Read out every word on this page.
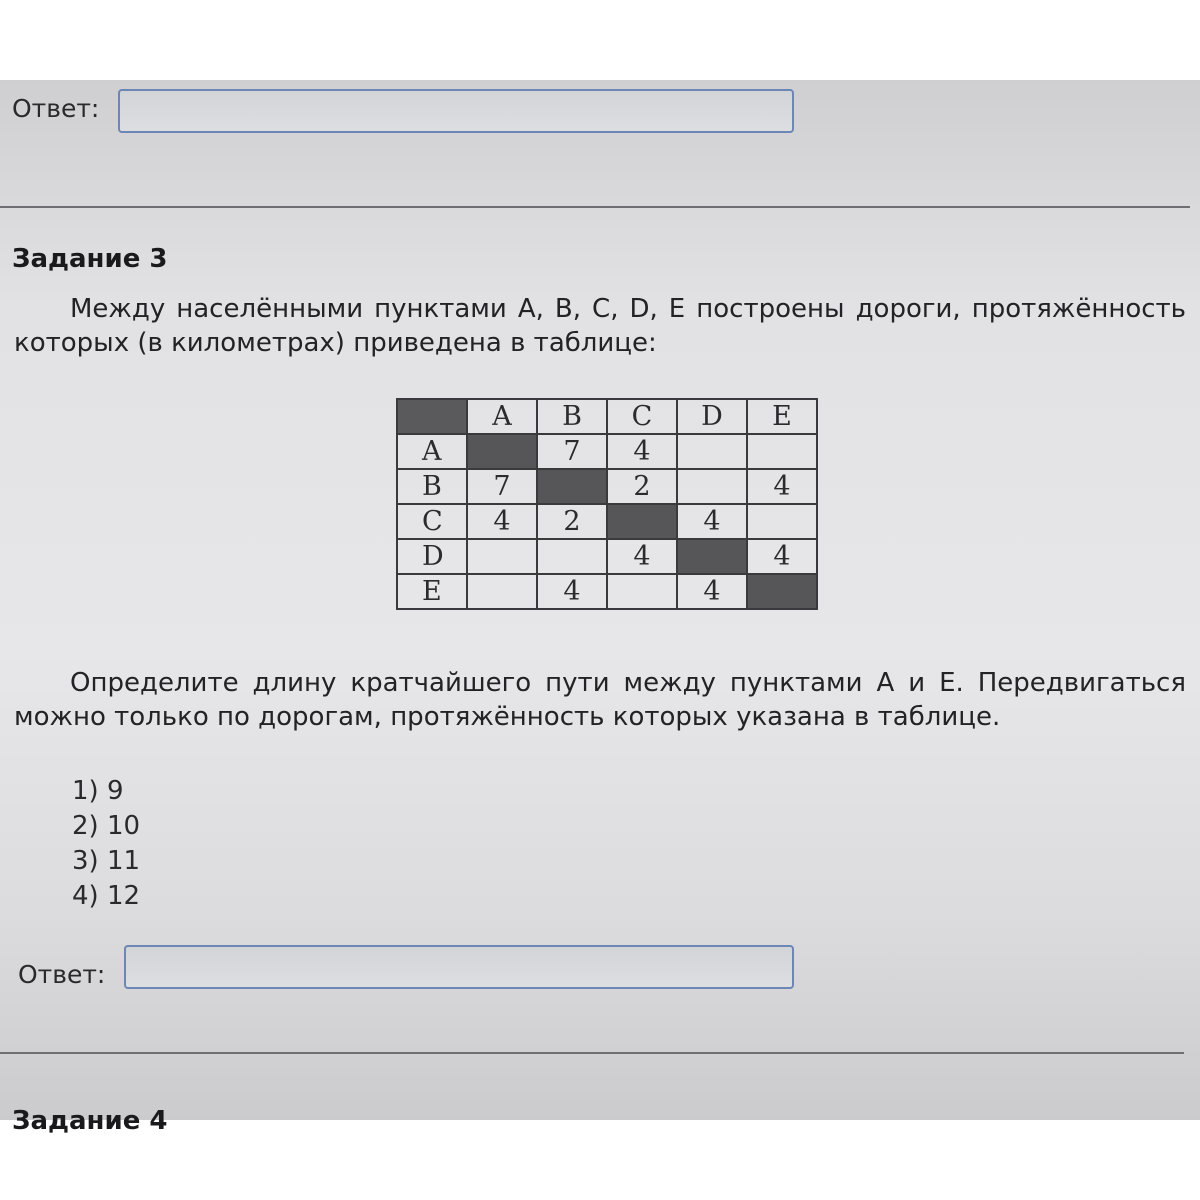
Ответ:
Задание 3

Между населёнными пунктами A, B, C, D, E построены дороги, протяжённость которых (в километрах) приведена в таблице:

	A	B	C	D	E
A		7	4		
B	7		2		4
C	4	2		4	
D			4		4
E		4		4	

Определите длину кратчайшего пути между пунктами A и E. Передвигаться можно только по дорогам, протяжённость которых указана в таблице.

1) 9
2) 10
3) 11
4) 12
Ответ:
Задание 4
